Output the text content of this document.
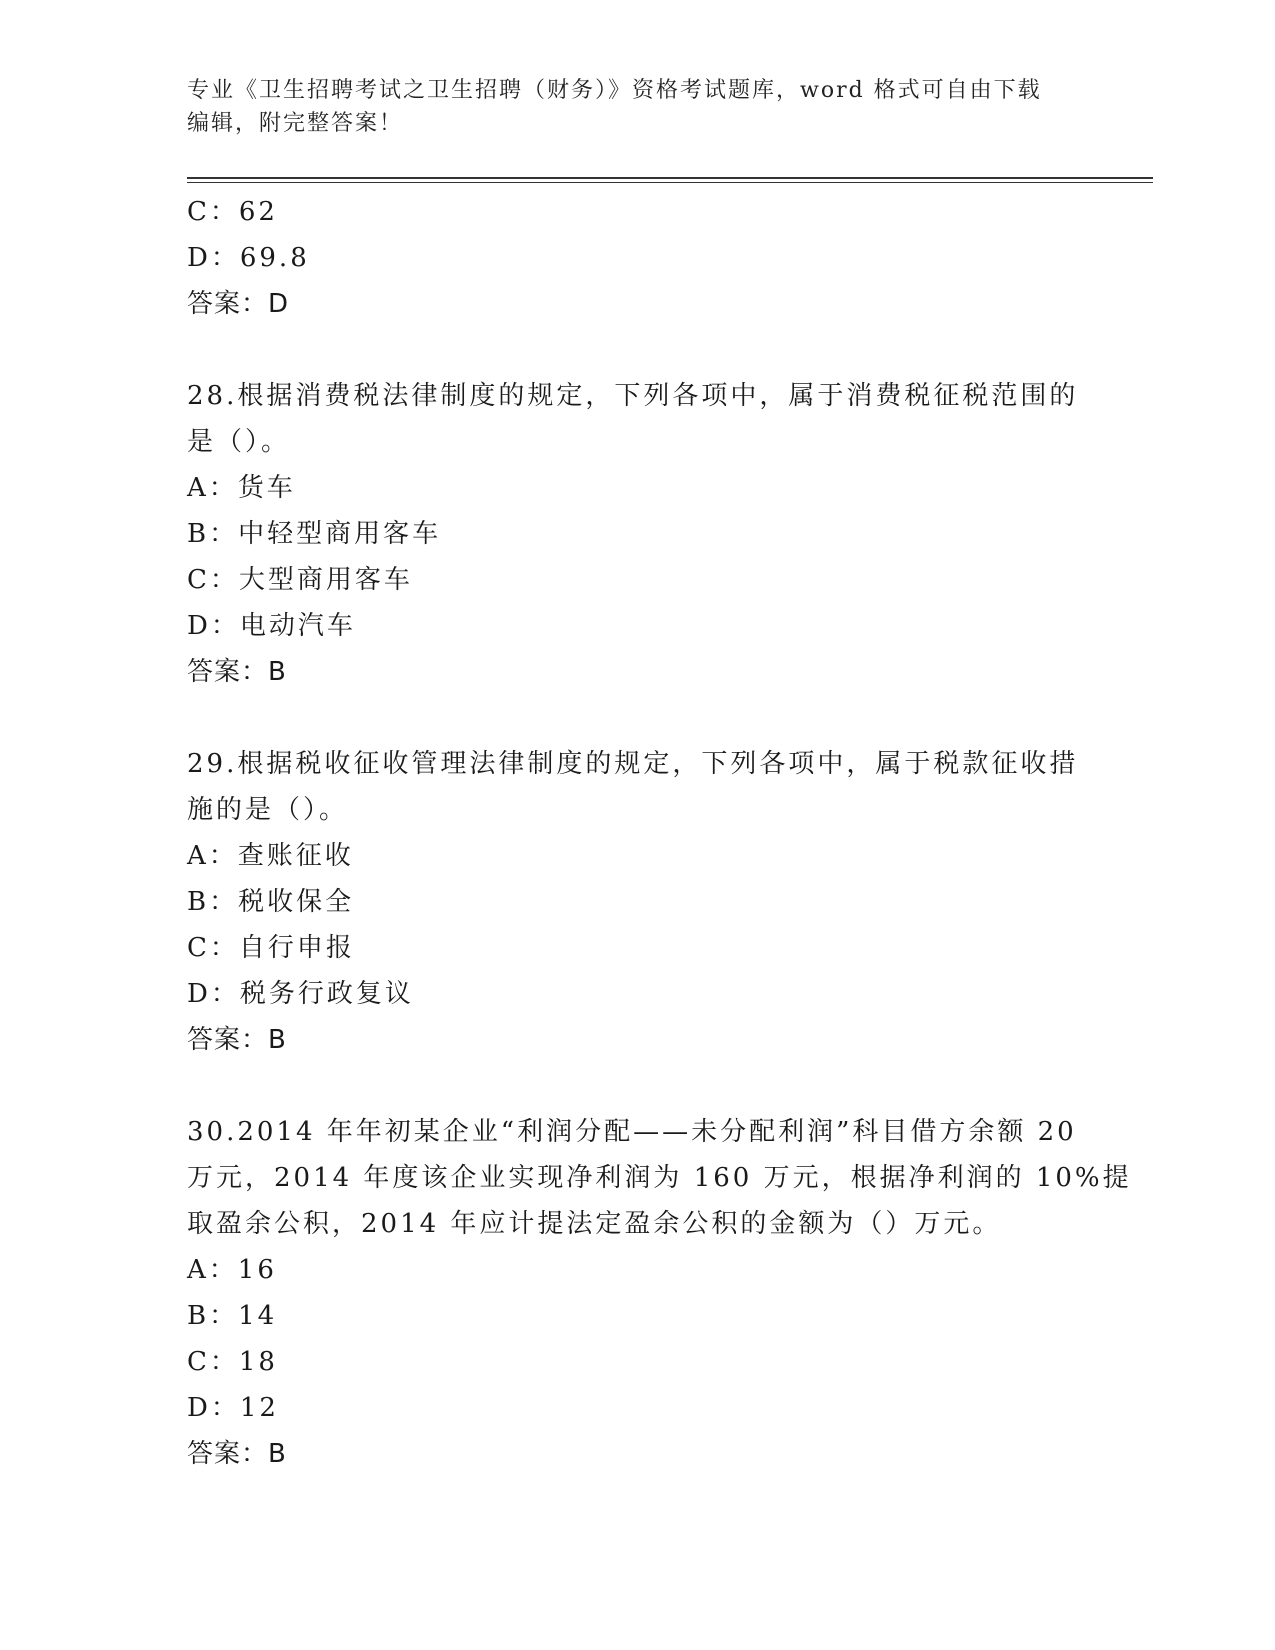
专业《卫生招聘考试之卫生招聘（财务）》资格考试题库，word 格式可自由下载
编辑，附完整答案！
C：62
D：69.8
答案：D
28.根据消费税法律制度的规定，下列各项中，属于消费税征税范围的
是（）。
A：货车
B：中轻型商用客车
C：大型商用客车
D：电动汽车
答案：B
29.根据税收征收管理法律制度的规定，下列各项中，属于税款征收措
施的是（）。
A：查账征收
B：税收保全
C：自行申报
D：税务行政复议
答案：B
30.2014 年年初某企业“利润分配——未分配利润”科目借方余额 20
万元，2014 年度该企业实现净利润为 160 万元，根据净利润的 10%提
取盈余公积，2014 年应计提法定盈余公积的金额为（）万元。
A：16
B：14
C：18
D：12
答案：B
